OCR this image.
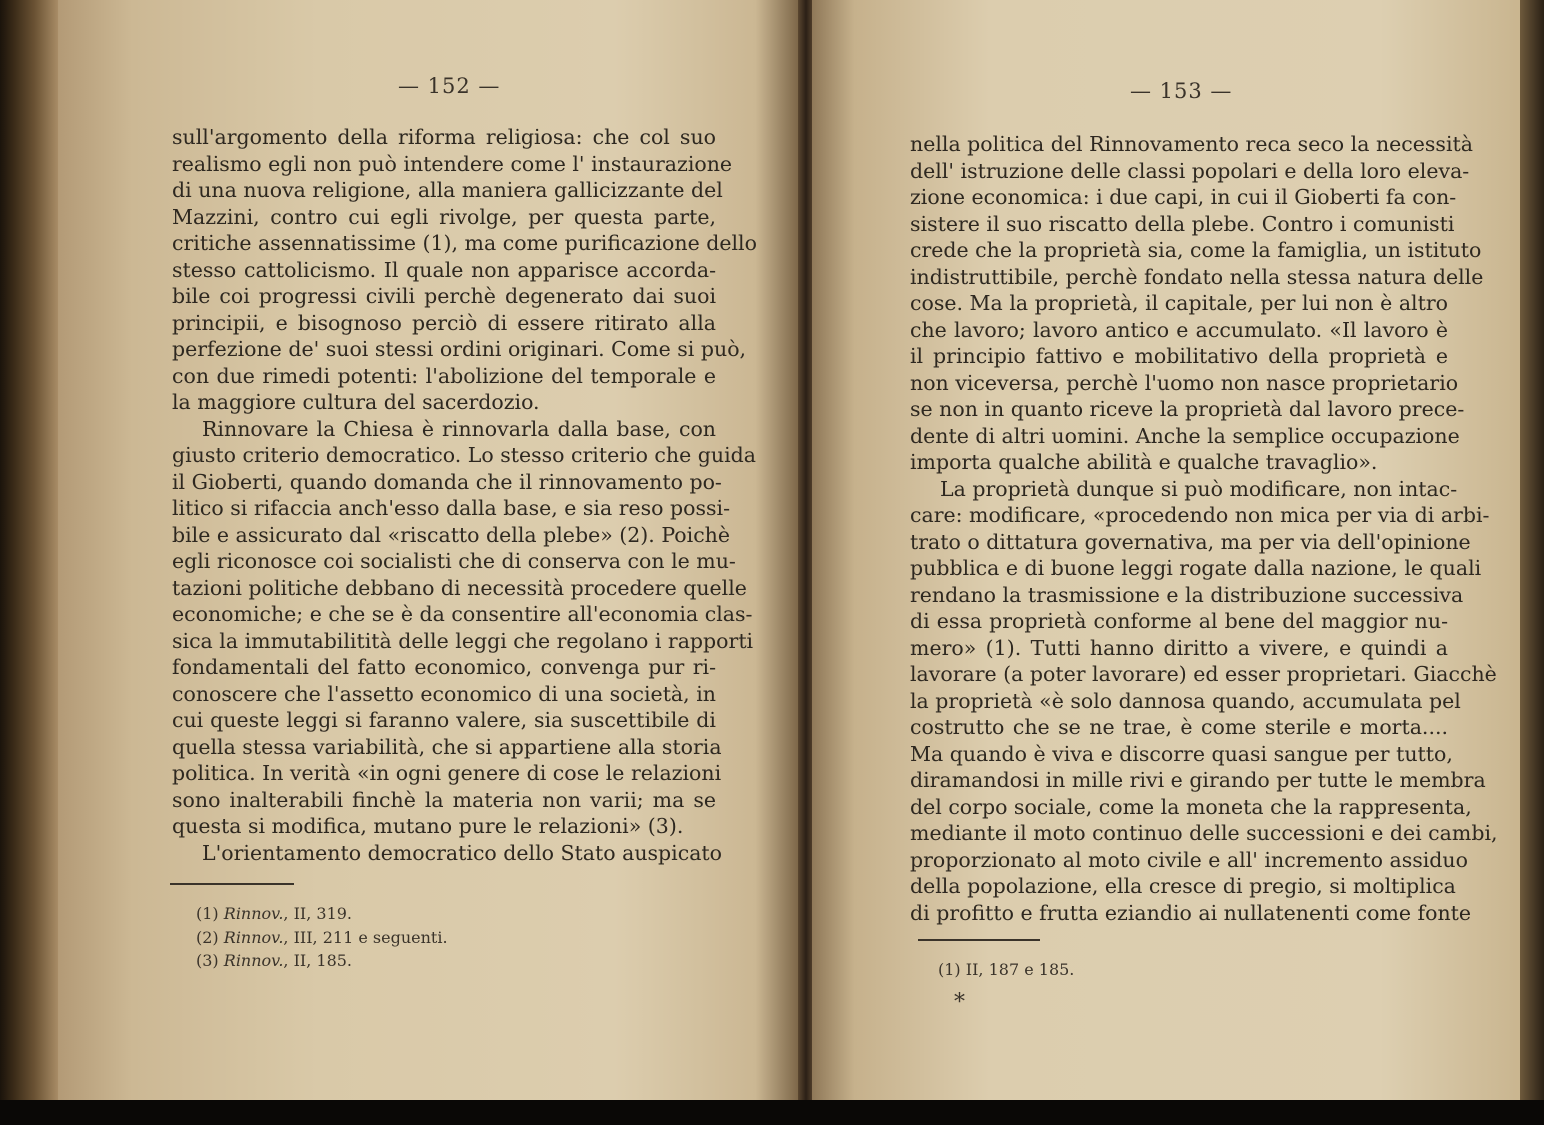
— 152 —
sull'argomento della riforma religiosa: che col suo
realismo egli non può intendere come l' instaurazione
di una nuova religione, alla maniera gallicizzante del
Mazzini, contro cui egli rivolge, per questa parte,
critiche assennatissime (1), ma come purificazione dello
stesso cattolicismo. Il quale non apparisce accorda-
bile coi progressi civili perchè degenerato dai suoi
principii, e bisognoso perciò di essere ritirato alla
perfezione de' suoi stessi ordini originari. Come si può,
con due rimedi potenti: l'abolizione del temporale e
la maggiore cultura del sacerdozio.
Rinnovare la Chiesa è rinnovarla dalla base, con
giusto criterio democratico. Lo stesso criterio che guida
il Gioberti, quando domanda che il rinnovamento po-
litico si rifaccia anch'esso dalla base, e sia reso possi-
bile e assicurato dal «riscatto della plebe» (2). Poichè
egli riconosce coi socialisti che di conserva con le mu-
tazioni politiche debbano di necessità procedere quelle
economiche; e che se è da consentire all'economia clas-
sica la immutabilitità delle leggi che regolano i rapporti
fondamentali del fatto economico, convenga pur ri-
conoscere che l'assetto economico di una società, in
cui queste leggi si faranno valere, sia suscettibile di
quella stessa variabilità, che si appartiene alla storia
politica. In verità «in ogni genere di cose le relazioni
sono inalterabili finchè la materia non varii; ma se
questa si modifica, mutano pure le relazioni» (3).
L'orientamento democratico dello Stato auspicato
(1) Rinnov., II, 319.
(2) Rinnov., III, 211 e seguenti.
(3) Rinnov., II, 185.
— 153 —
nella politica del Rinnovamento reca seco la necessità
dell' istruzione delle classi popolari e della loro eleva-
zione economica: i due capi, in cui il Gioberti fa con-
sistere il suo riscatto della plebe. Contro i comunisti
crede che la proprietà sia, come la famiglia, un istituto
indistruttibile, perchè fondato nella stessa natura delle
cose. Ma la proprietà, il capitale, per lui non è altro
che lavoro; lavoro antico e accumulato. «Il lavoro è
il principio fattivo e mobilitativo della proprietà e
non viceversa, perchè l'uomo non nasce proprietario
se non in quanto riceve la proprietà dal lavoro prece-
dente di altri uomini. Anche la semplice occupazione
importa qualche abilità e qualche travaglio».
La proprietà dunque si può modificare, non intac-
care: modificare, «procedendo non mica per via di arbi-
trato o dittatura governativa, ma per via dell'opinione
pubblica e di buone leggi rogate dalla nazione, le quali
rendano la trasmissione e la distribuzione successiva
di essa proprietà conforme al bene del maggior nu-
mero» (1). Tutti hanno diritto a vivere, e quindi a
lavorare (a poter lavorare) ed esser proprietari. Giacchè
la proprietà «è solo dannosa quando, accumulata pel
costrutto che se ne trae, è come sterile e morta....
Ma quando è viva e discorre quasi sangue per tutto,
diramandosi in mille rivi e girando per tutte le membra
del corpo sociale, come la moneta che la rappresenta,
mediante il moto continuo delle successioni e dei cambi,
proporzionato al moto civile e all' incremento assiduo
della popolazione, ella cresce di pregio, si moltiplica
di profitto e frutta eziandio ai nullatenenti come fonte
(1) II, 187 e 185.
*
